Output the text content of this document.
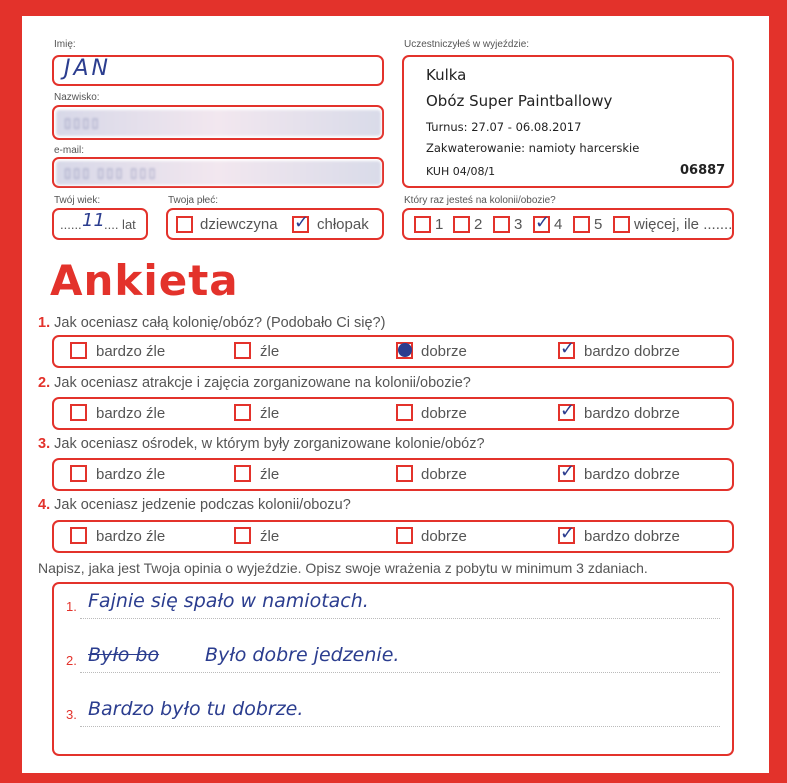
Imię:
JAN
Nazwisko:
▯▯▯▯
e-mail:
▯▯▯ ▯▯▯ ▯▯▯
Twój wiek:
...... 11 .... lat
Twoja płeć:
dziewczyna ✓ chłopak
Uczestniczyłeś w wyjeździe:
Kulka
Obóz Super Paintballowy
Turnus: 27.07 - 06.08.2017
Zakwaterowanie: namioty harcerskie
KUH 04/08/1	06887
Który raz jesteś na kolonii/obozie?
1 2 3 ✓ 4 5 więcej, ile .......
Ankieta
1. Jak oceniasz całą kolonię/obóz? (Podobało Ci się?)
bardzo źle	źle	dobrze	✓ bardzo dobrze
2. Jak oceniasz atrakcje i zajęcia zorganizowane na kolonii/obozie?
bardzo źle	źle	dobrze	✓ bardzo dobrze
3. Jak oceniasz ośrodek, w którym były zorganizowane kolonie/obóz?
bardzo źle	źle	dobrze	✓ bardzo dobrze
4. Jak oceniasz jedzenie podczas kolonii/obozu?
bardzo źle	źle	dobrze	✓ bardzo dobrze
Napisz, jaka jest Twoja opinia o wyjeździe. Opisz swoje wrażenia z pobytu w minimum 3 zdaniach.
1. Fajnie się spało w namiotach.
2. Było bo Było dobre jedzenie.
3. Bardzo było tu dobrze.
